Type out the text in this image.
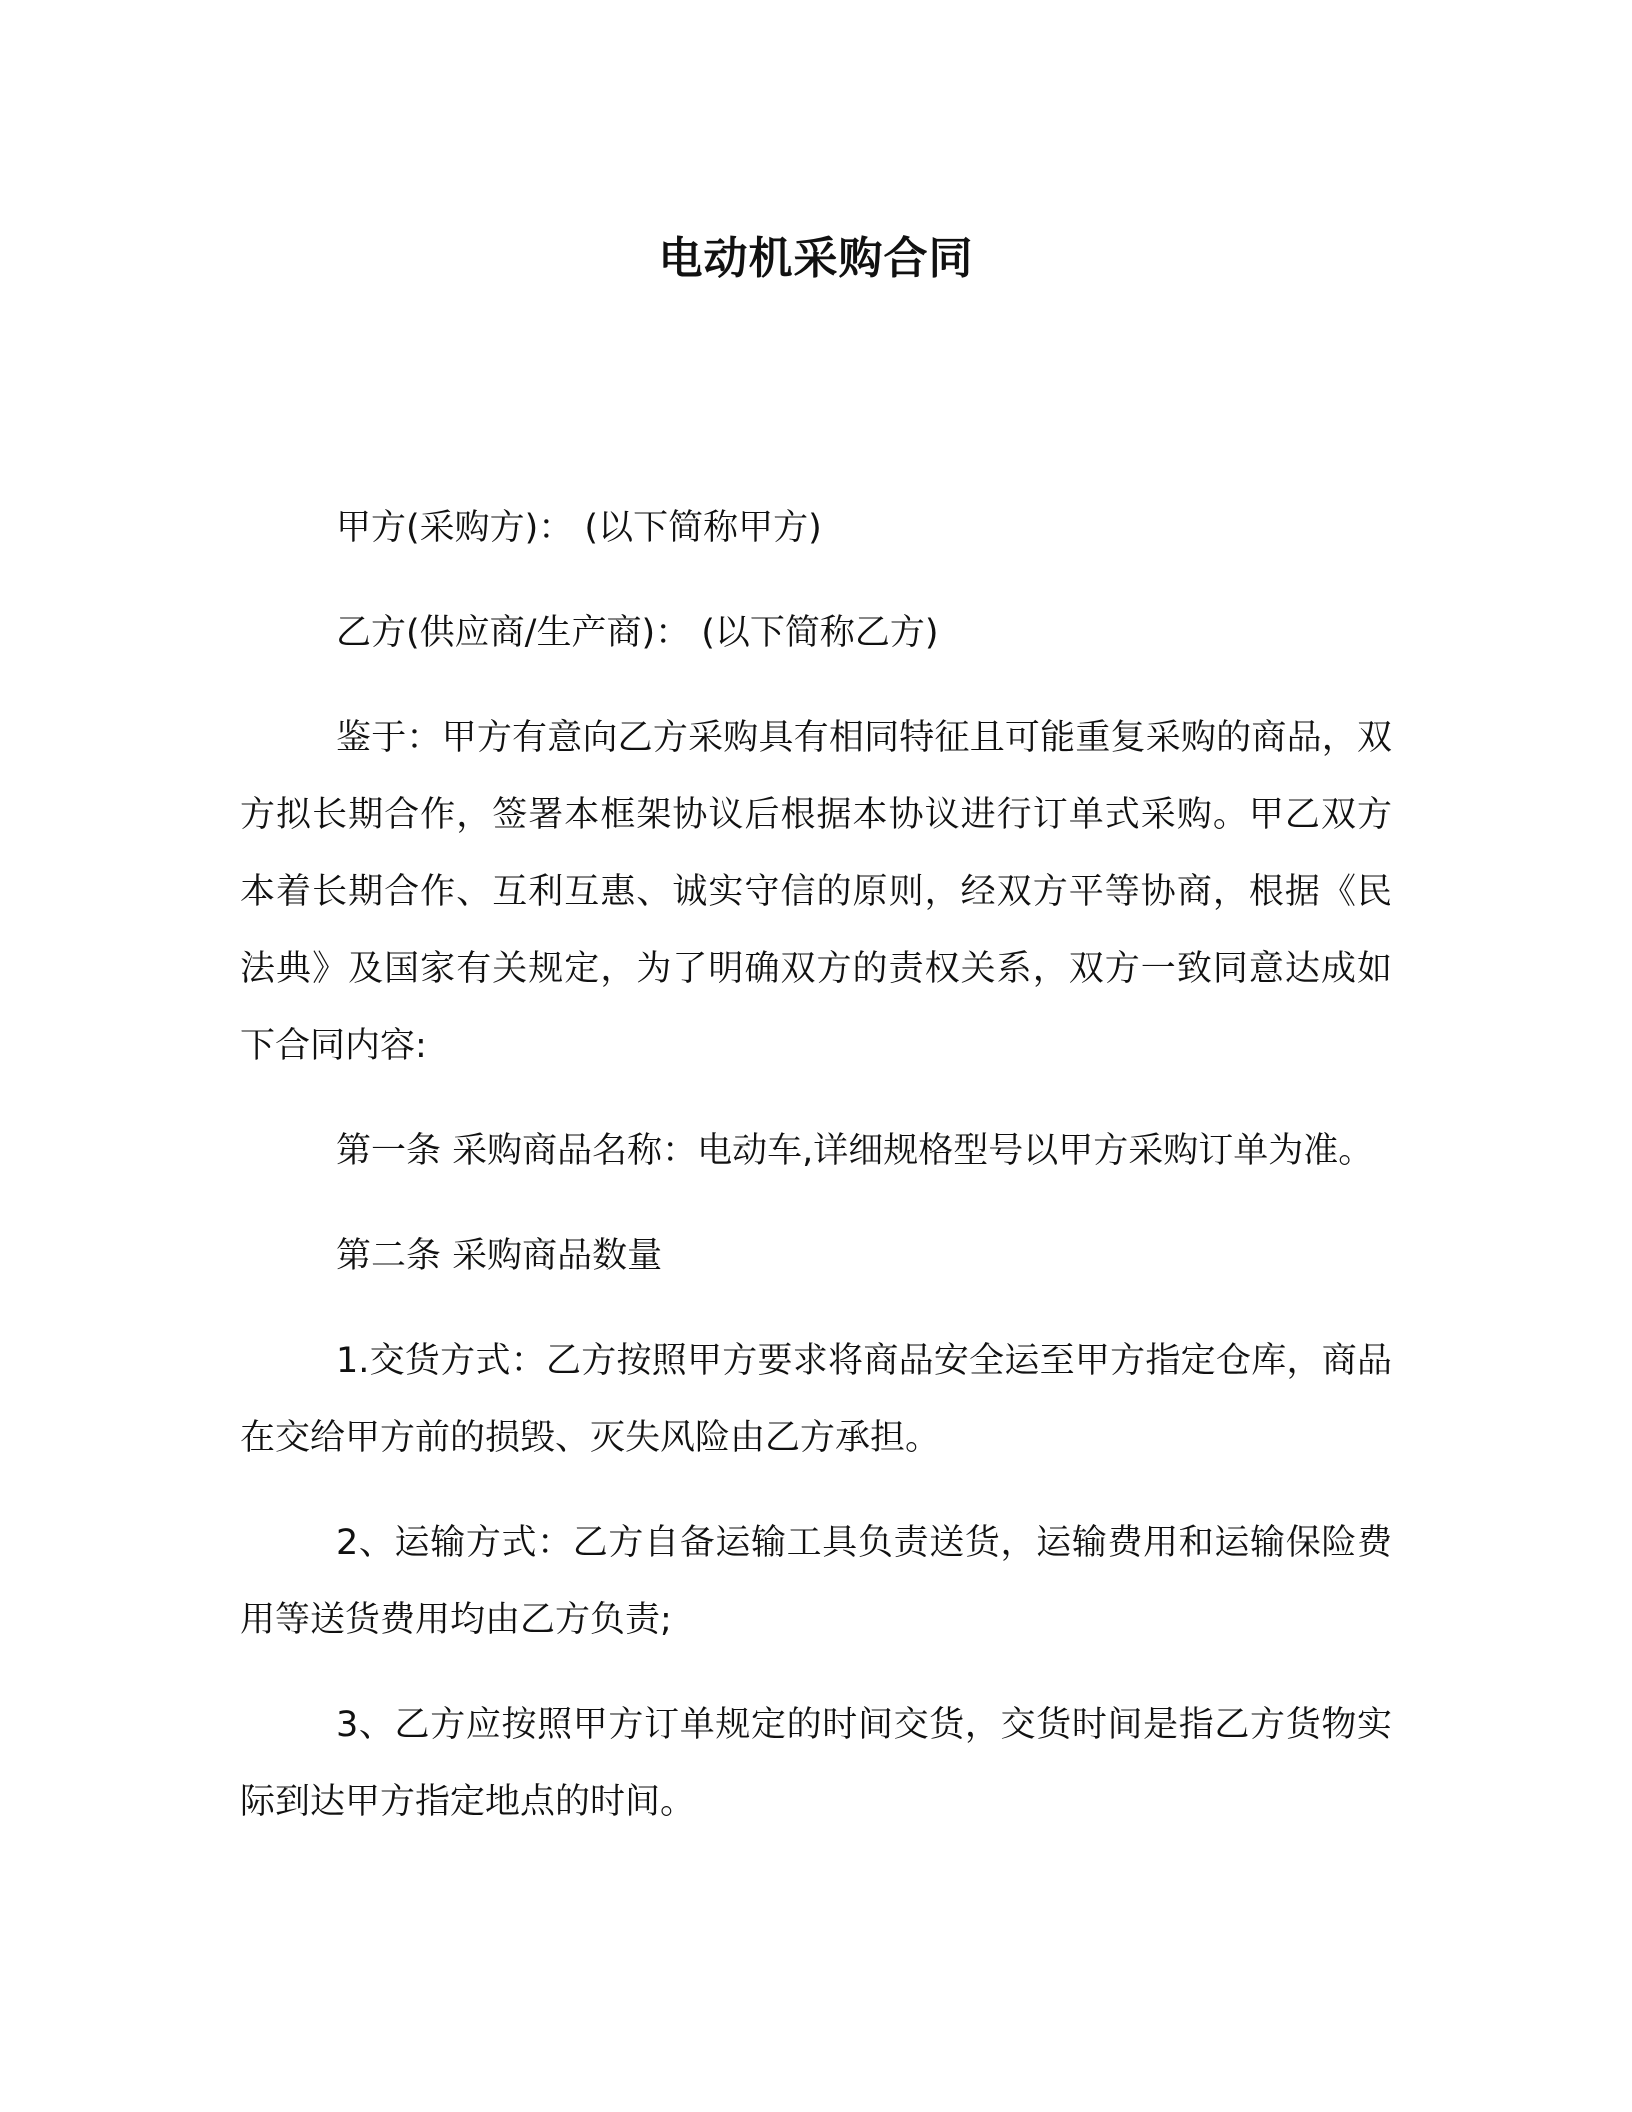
电动机采购合同

甲方(采购方)： (以下简称甲方)

乙方(供应商/生产商)： (以下简称乙方)

鉴于：甲方有意向乙方采购具有相同特征且可能重复采购的商品，双方拟长期合作，签署本框架协议后根据本协议进行订单式采购。甲乙双方本着长期合作、互利互惠、诚实守信的原则，经双方平等协商，根据《民法典》及国家有关规定，为了明确双方的责权关系，双方一致同意达成如下合同内容:

第一条 采购商品名称：电动车,详细规格型号以甲方采购订单为准。

第二条 采购商品数量

1.交货方式：乙方按照甲方要求将商品安全运至甲方指定仓库，商品在交给甲方前的损毁、灭失风险由乙方承担。

2、运输方式：乙方自备运输工具负责送货，运输费用和运输保险费用等送货费用均由乙方负责;

3、乙方应按照甲方订单规定的时间交货，交货时间是指乙方货物实际到达甲方指定地点的时间。
